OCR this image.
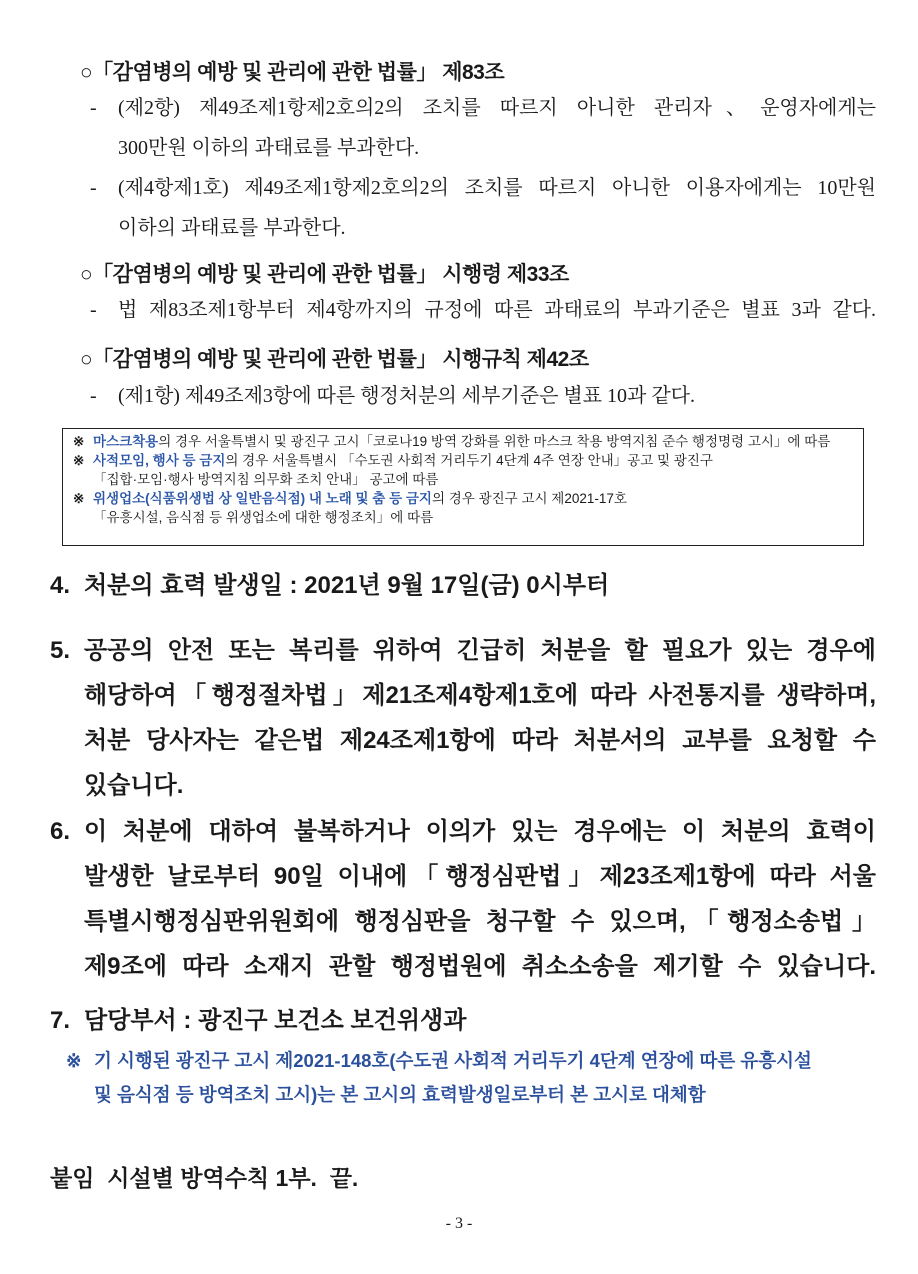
○「감염병의 예방 및 관리에 관한 법률」 제83조
-	(제2항) 제49조제1항제2호의2의 조치를 따르지 아니한 관리자、운영자에게는
300만원 이하의 과태료를 부과한다.
-	(제4항제1호) 제49조제1항제2호의2의 조치를 따르지 아니한 이용자에게는 10만원
이하의 과태료를 부과한다.
○「감염병의 예방 및 관리에 관한 법률」 시행령 제33조
-	법 제83조제1항부터 제4항까지의 규정에 따른 과태료의 부과기준은 별표 3과 같다.
○「감염병의 예방 및 관리에 관한 법률」 시행규칙 제42조
-	(제1항) 제49조제3항에 따른 행정처분의 세부기준은 별표 10과 같다.
※ 마스크착용의 경우 서울특별시 및 광진구 고시「코로나19 방역 강화를 위한 마스크 착용 방역지침 준수 행정명령 고시」에 따름
※ 사적모임, 행사 등 금지의 경우 서울특별시 「수도권 사회적 거리두기 4단계 4주 연장 안내」공고 및 광진구
「집합·모임·행사 방역지침 의무화 조치 안내」 공고에 따름
※ 위생업소(식품위생법 상 일반음식점) 내 노래 및 춤 등 금지의 경우 광진구 고시 제2021-17호
「유흥시설, 음식점 등 위생업소에 대한 행정조치」에 따름
4. 처분의 효력 발생일 : 2021년 9월 17일(금) 0시부터
5. 공공의 안전 또는 복리를 위하여 긴급히 처분을 할 필요가 있는 경우에
해당하여「행정절차법」제21조제4항제1호에 따라 사전통지를 생략하며,
처분 당사자는 같은법 제24조제1항에 따라 처분서의 교부를 요청할 수
있습니다.
6. 이 처분에 대하여 불복하거나 이의가 있는 경우에는 이 처분의 효력이
발생한 날로부터 90일 이내에「행정심판법」제23조제1항에 따라 서울
특별시행정심판위원회에 행정심판을 청구할 수 있으며,「행정소송법」
제9조에 따라 소재지 관할 행정법원에 취소소송을 제기할 수 있습니다.
7. 담당부서 : 광진구 보건소 보건위생과
※ 기 시행된 광진구 고시 제2021-148호(수도권 사회적 거리두기 4단계 연장에 따른 유흥시설
및 음식점 등 방역조치 고시)는 본 고시의 효력발생일로부터 본 고시로 대체함
붙임  시설별 방역수칙 1부.  끝.
- 3 -
